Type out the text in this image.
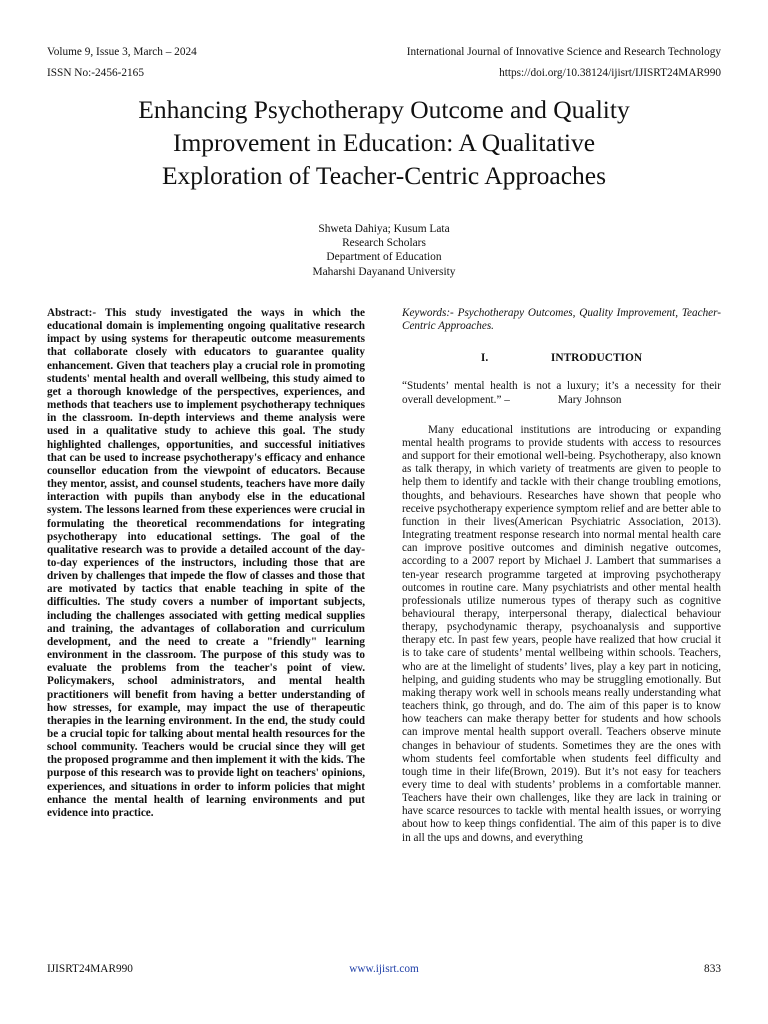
Volume 9, Issue 3, March – 2024
ISSN No:-2456-2165
International Journal of Innovative Science and Research Technology
https://doi.org/10.38124/ijisrt/IJISRT24MAR990
Enhancing Psychotherapy Outcome and Quality
Improvement in Education: A Qualitative
Exploration of Teacher-Centric Approaches
Shweta Dahiya; Kusum Lata
Research Scholars
Department of Education
Maharshi Dayanand University

Abstract:- This study investigated the ways in which the educational domain is implementing ongoing qualitative research impact by using systems for therapeutic outcome measurements that collaborate closely with educators to guarantee quality enhancement. Given that teachers play a crucial role in promoting students' mental health and overall wellbeing, this study aimed to get a thorough knowledge of the perspectives, experiences, and methods that teachers use to implement psychotherapy techniques in the classroom. In-depth interviews and theme analysis were used in a qualitative study to achieve this goal. The study highlighted challenges, opportunities, and successful initiatives that can be used to increase psychotherapy's efficacy and enhance counsellor education from the viewpoint of educators. Because they mentor, assist, and counsel students, teachers have more daily interaction with pupils than anybody else in the educational system. The lessons learned from these experiences were crucial in formulating the theoretical recommendations for integrating psychotherapy into educational settings. The goal of the qualitative research was to provide a detailed account of the day-to-day experiences of the instructors, including those that are driven by challenges that impede the flow of classes and those that are motivated by tactics that enable teaching in spite of the difficulties. The study covers a number of important subjects, including the challenges associated with getting medical supplies and training, the advantages of collaboration and curriculum development, and the need to create a "friendly" learning environment in the classroom. The purpose of this study was to evaluate the problems from the teacher's point of view. Policymakers, school administrators, and mental health practitioners will benefit from having a better understanding of how stresses, for example, may impact the use of therapeutic therapies in the learning environment. In the end, the study could be a crucial topic for talking about mental health resources for the school community. Teachers would be crucial since they will get the proposed programme and then implement it with the kids. The purpose of this research was to provide light on teachers' opinions, experiences, and situations in order to inform policies that might enhance the mental health of learning environments and put evidence into practice.

Keywords:- Psychotherapy Outcomes, Quality Improvement, Teacher-Centric Approaches.

I.	INTRODUCTION

“Students’ mental health is not a luxury; it’s a necessity for their overall development.” –	Mary Johnson

Many educational institutions are introducing or expanding mental health programs to provide students with access to resources and support for their emotional well-being. Psychotherapy, also known as talk therapy, in which variety of treatments are given to people to help them to identify and tackle with their change troubling emotions, thoughts, and behaviours. Researches have shown that people who receive psychotherapy experience symptom relief and are better able to function in their lives(American Psychiatric Association, 2013). Integrating treatment response research into normal mental health care can improve positive outcomes and diminish negative outcomes, according to a 2007 report by Michael J. Lambert that summarises a ten-year research programme targeted at improving psychotherapy outcomes in routine care. Many psychiatrists and other mental health professionals utilize numerous types of therapy such as cognitive behavioural therapy, interpersonal therapy, dialectical behaviour therapy, psychodynamic therapy, psychoanalysis and supportive therapy etc. In past few years, people have realized that how crucial it is to take care of students’ mental wellbeing within schools. Teachers, who are at the limelight of students’ lives, play a key part in noticing, helping, and guiding students who may be struggling emotionally. But making therapy work well in schools means really understanding what teachers think, go through, and do. The aim of this paper is to know how teachers can make therapy better for students and how schools can improve mental health support overall. Teachers observe minute changes in behaviour of students. Sometimes they are the ones with whom students feel comfortable when students feel difficulty and tough time in their life(Brown, 2019). But it’s not easy for teachers every time to deal with students’ problems in a comfortable manner. Teachers have their own challenges, like they are lack in training or have scarce resources to tackle with mental health issues, or worrying about how to keep things confidential. The aim of this paper is to dive in all the ups and downs, and everything

IJISRT24MAR990	www.ijisrt.com	833
